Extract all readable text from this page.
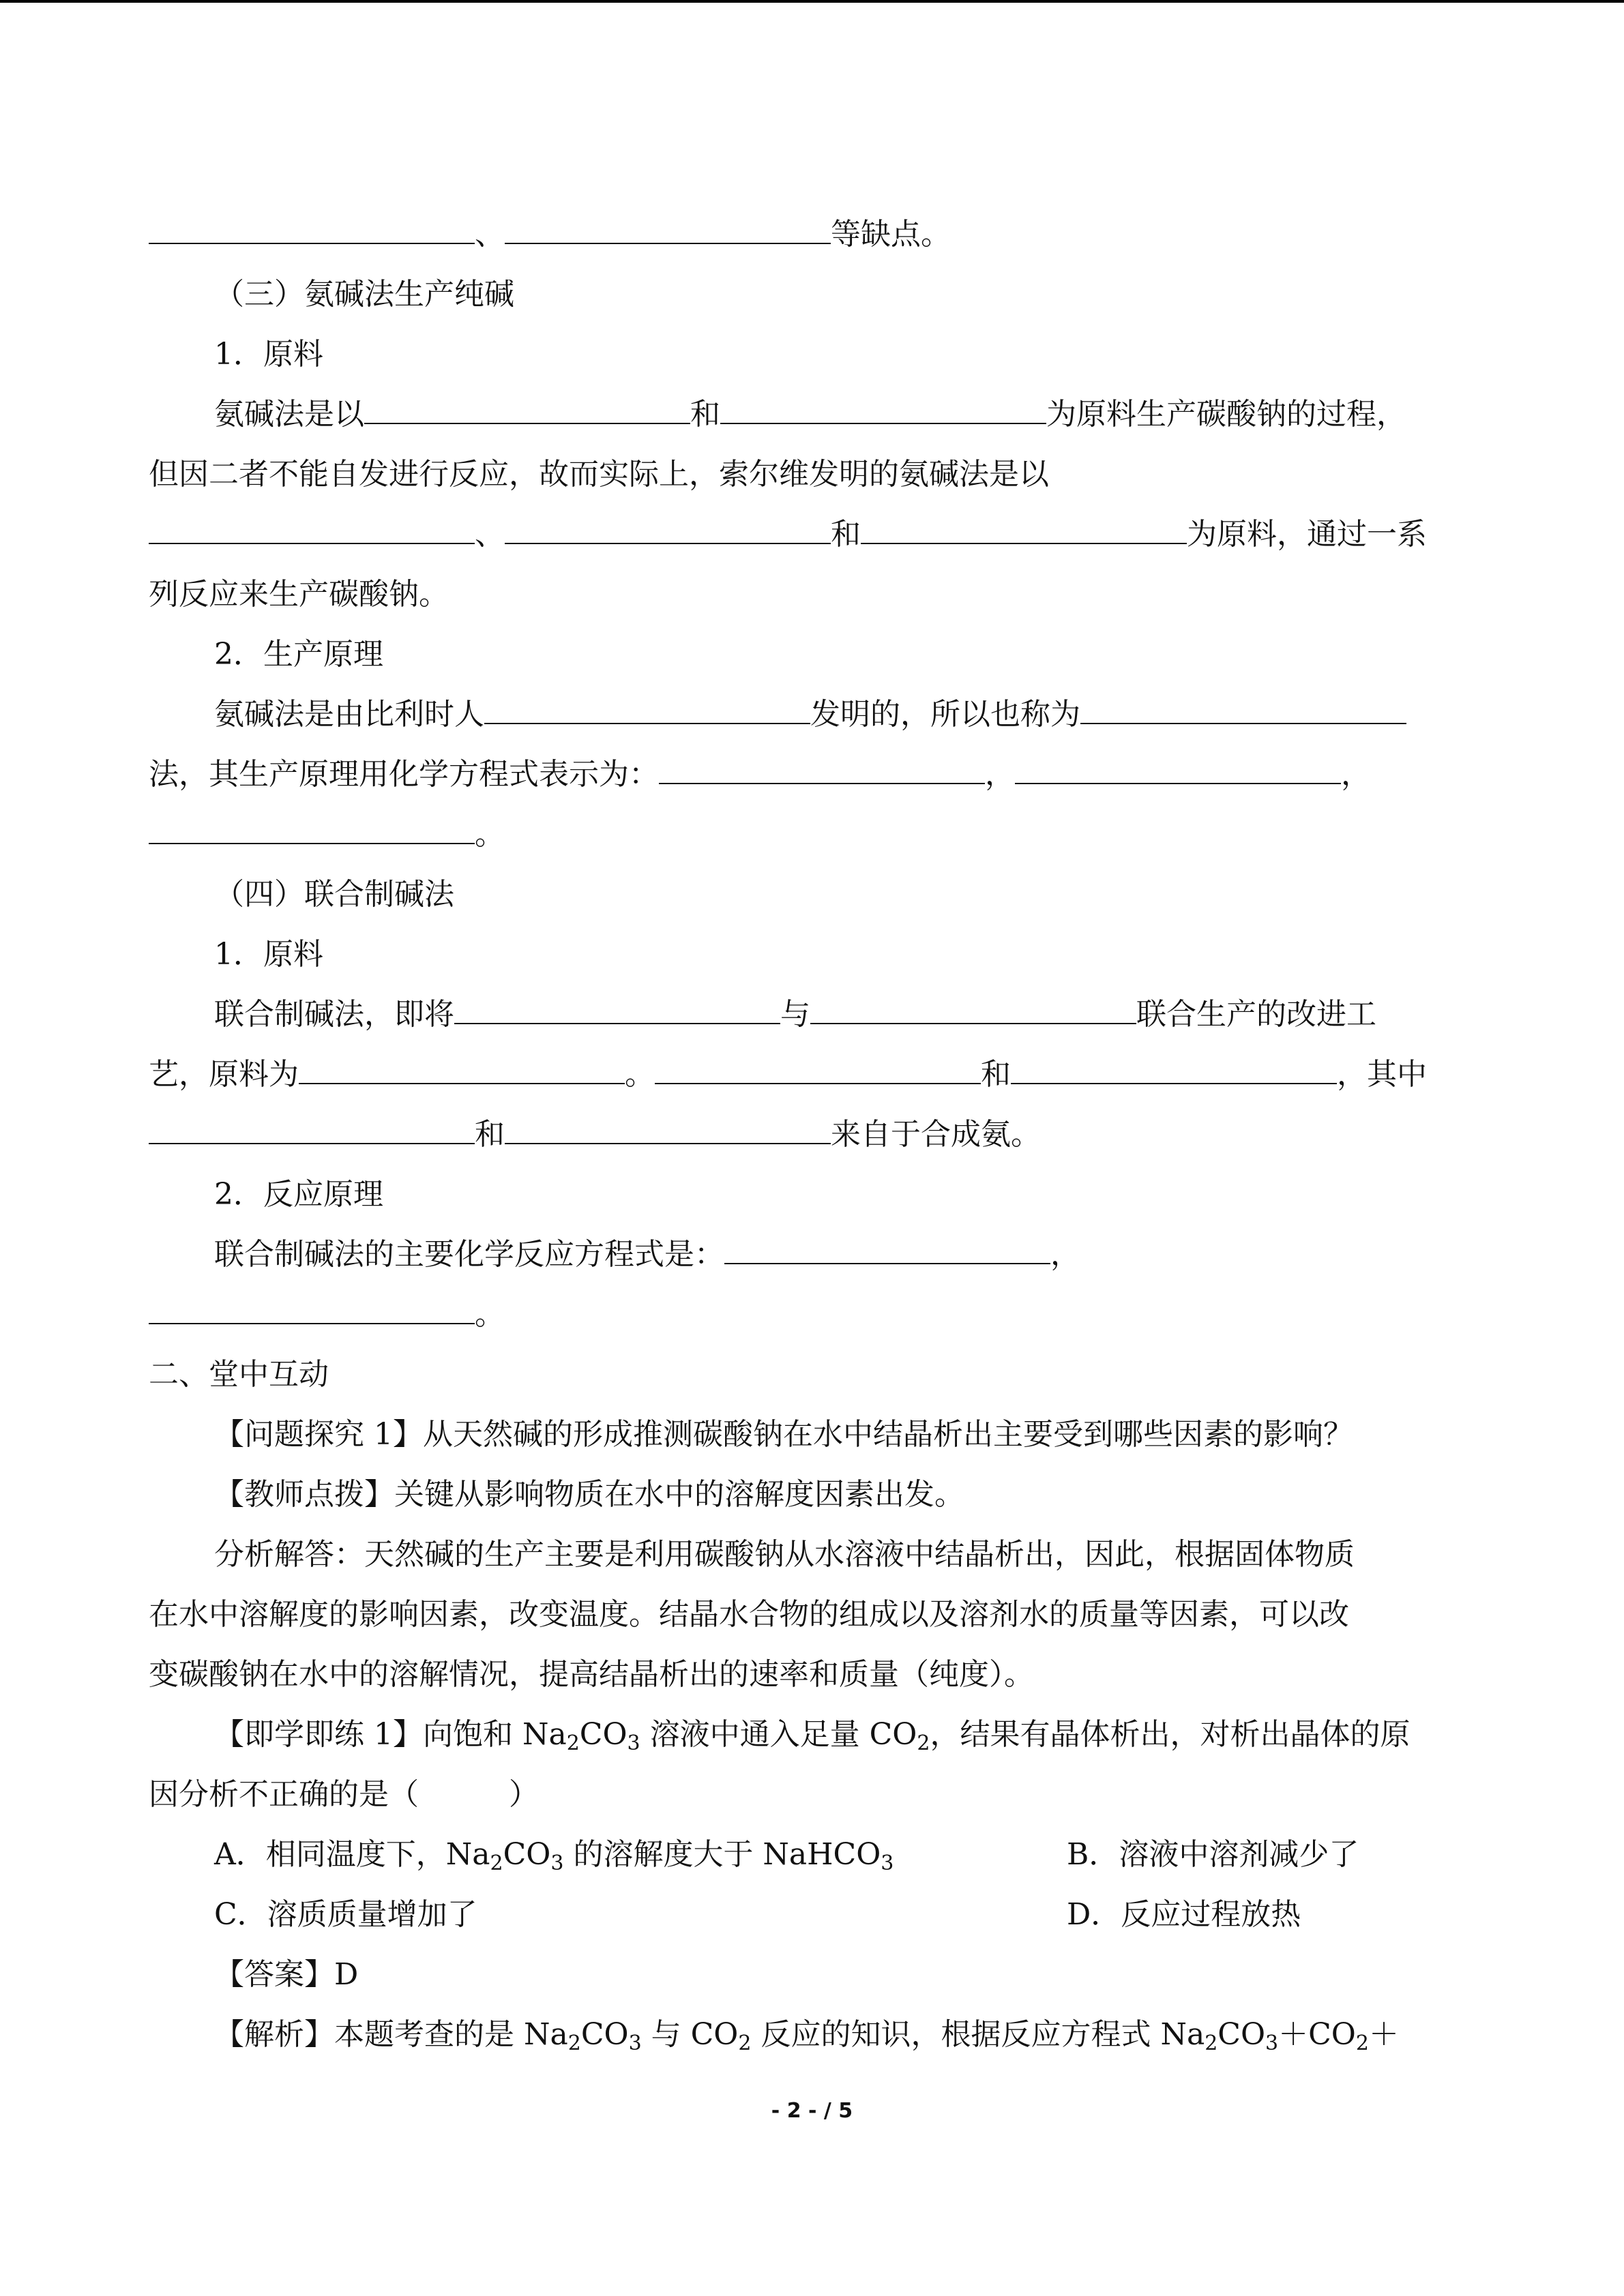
、	等缺点。
（三）氨碱法生产纯碱
1．原料
氨碱法是以	和	为原料生产碳酸钠的过程，
但因二者不能自发进行反应，故而实际上，索尔维发明的氨碱法是以
、	和	为原料，通过一系
列反应来生产碳酸钠。
2．生产原理
氨碱法是由比利时人	发明的，所以也称为
法，其生产原理用化学方程式表示为：	，	，
。
（四）联合制碱法
1．原料
联合制碱法，即将	与	联合生产的改进工
艺，原料为	。	和	，其中
和	来自于合成氨。
2．反应原理
联合制碱法的主要化学反应方程式是：	，
。
二、堂中互动
【问题探究 1】从天然碱的形成推测碳酸钠在水中结晶析出主要受到哪些因素的影响？
【教师点拨】关键从影响物质在水中的溶解度因素出发。
分析解答：天然碱的生产主要是利用碳酸钠从水溶液中结晶析出，因此，根据固体物质
在水中溶解度的影响因素，改变温度。结晶水合物的组成以及溶剂水的质量等因素，可以改
变碳酸钠在水中的溶解情况，提高结晶析出的速率和质量（纯度）。
【即学即练 1】向饱和 $Na_2CO_3$ 溶液中通入足量 $CO_2$，结果有晶体析出，对析出晶体的原
因分析不正确的是（　　　）
A．相同温度下，$Na_2CO_3$ 的溶解度大于 NaHCO$_3$	B．溶液中溶剂减少了
C．溶质质量增加了	D．反应过程放热
【答案】D
【解析】本题考查的是 $Na_2CO_3$ 与 $CO_2$ 反应的知识，根据反应方程式 $Na_2CO_3+CO_2+$
- 2 - / 5
